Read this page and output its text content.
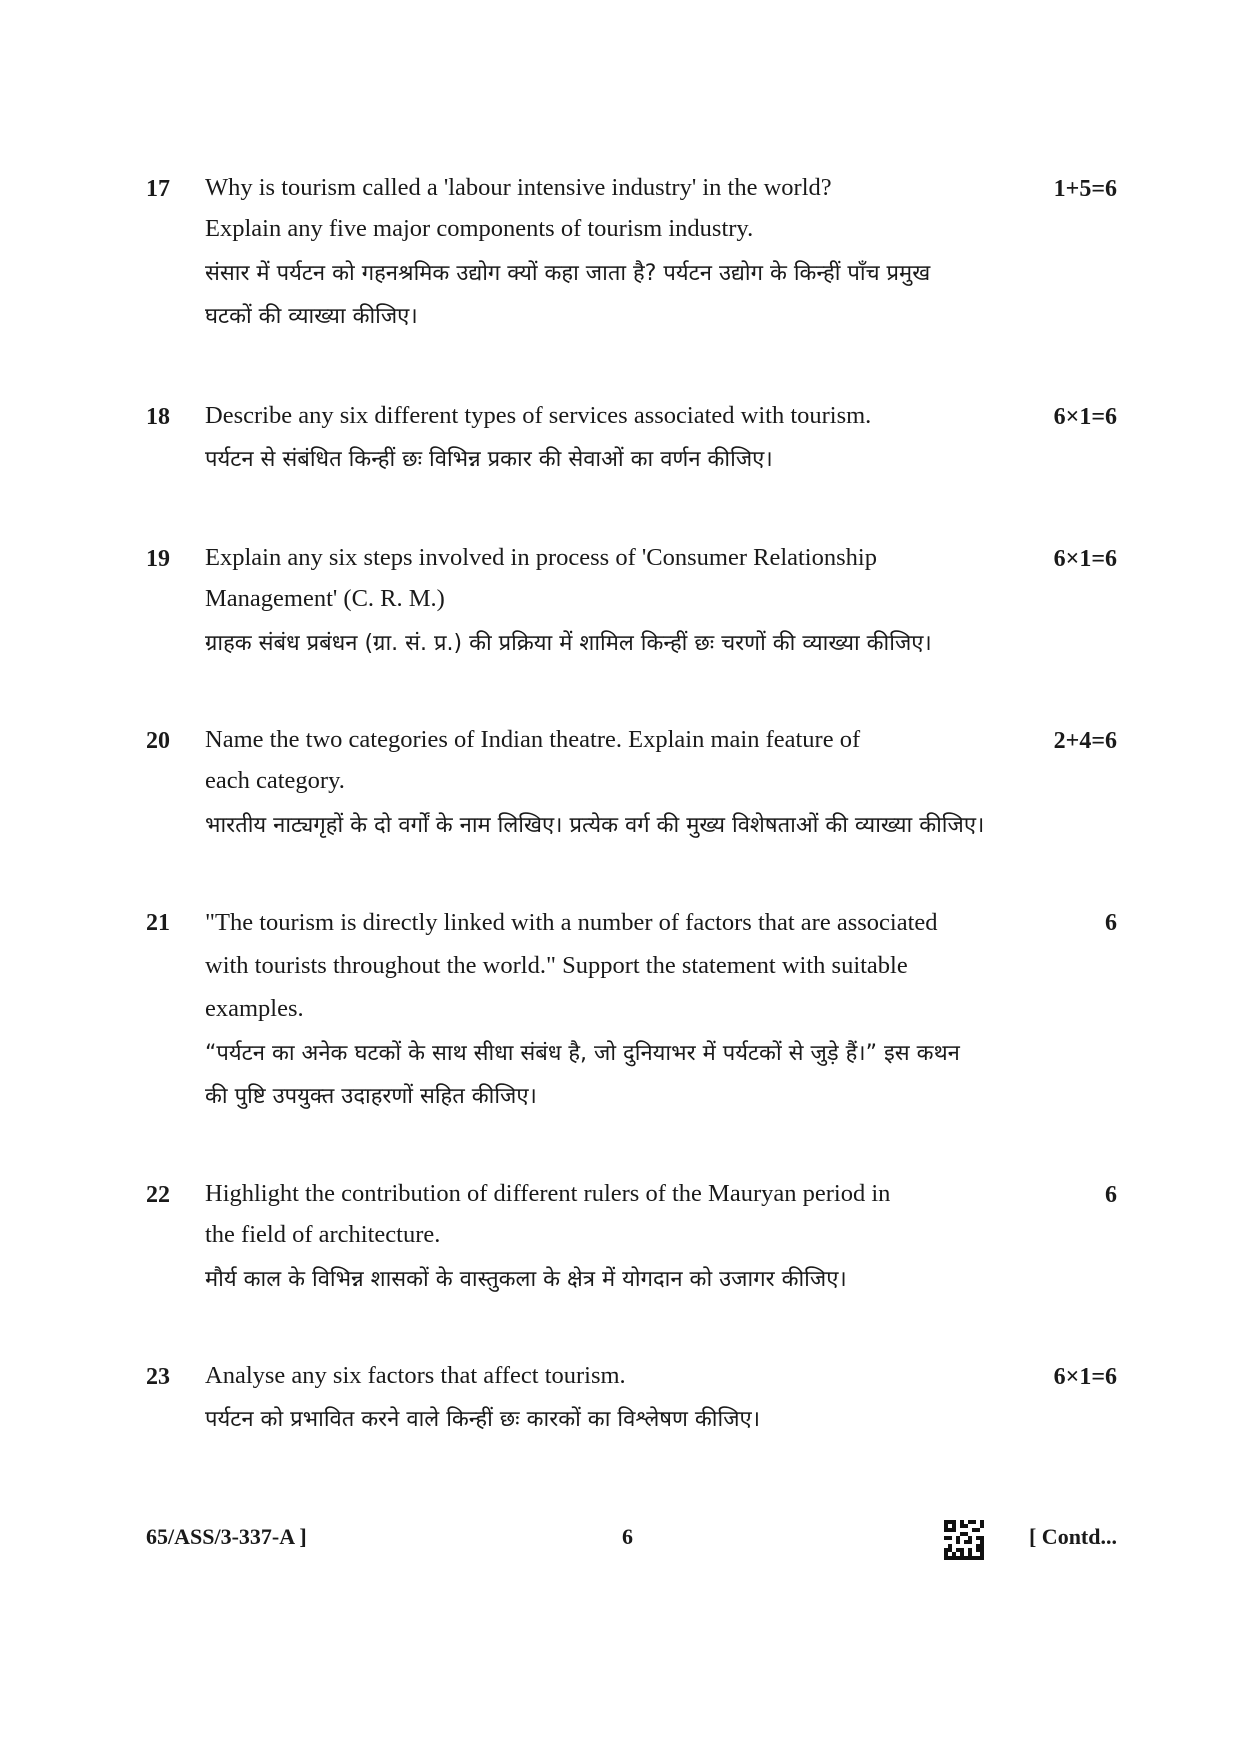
17 Why is tourism called a 'labour intensive industry' in the world?
Explain any five major components of tourism industry.
संसार में पर्यटन को गहनश्रमिक उद्योग क्यों कहा जाता है? पर्यटन उद्योग के किन्हीं पाँच प्रमुख
घटकों की व्याख्या कीजिए।
1+5=6
18 Describe any six different types of services associated with tourism.
पर्यटन से संबंधित किन्हीं छः विभिन्न प्रकार की सेवाओं का वर्णन कीजिए।
6×1=6
19 Explain any six steps involved in process of 'Consumer Relationship
Management' (C. R. M.)
ग्राहक संबंध प्रबंधन (ग्रा. सं. प्र.) की प्रक्रिया में शामिल किन्हीं छः चरणों की व्याख्या कीजिए।
6×1=6
20 Name the two categories of Indian theatre. Explain main feature of
each category.
भारतीय नाट्यगृहों के दो वर्गों के नाम लिखिए। प्रत्येक वर्ग की मुख्य विशेषताओं की व्याख्या कीजिए।
2+4=6
21 "The tourism is directly linked with a number of factors that are associated
with tourists throughout the world." Support the statement with suitable
examples.
“पर्यटन का अनेक घटकों के साथ सीधा संबंध है, जो दुनियाभर में पर्यटकों से जुड़े हैं।” इस कथन
की पुष्टि उपयुक्त उदाहरणों सहित कीजिए।
6
22 Highlight the contribution of different rulers of the Mauryan period in
the field of architecture.
मौर्य काल के विभिन्न शासकों के वास्तुकला के क्षेत्र में योगदान को उजागर कीजिए।
6
23 Analyse any six factors that affect tourism.
पर्यटन को प्रभावित करने वाले किन्हीं छः कारकों का विश्लेषण कीजिए।
6×1=6
65/ASS/3-337-A ]	6	[ Contd...
